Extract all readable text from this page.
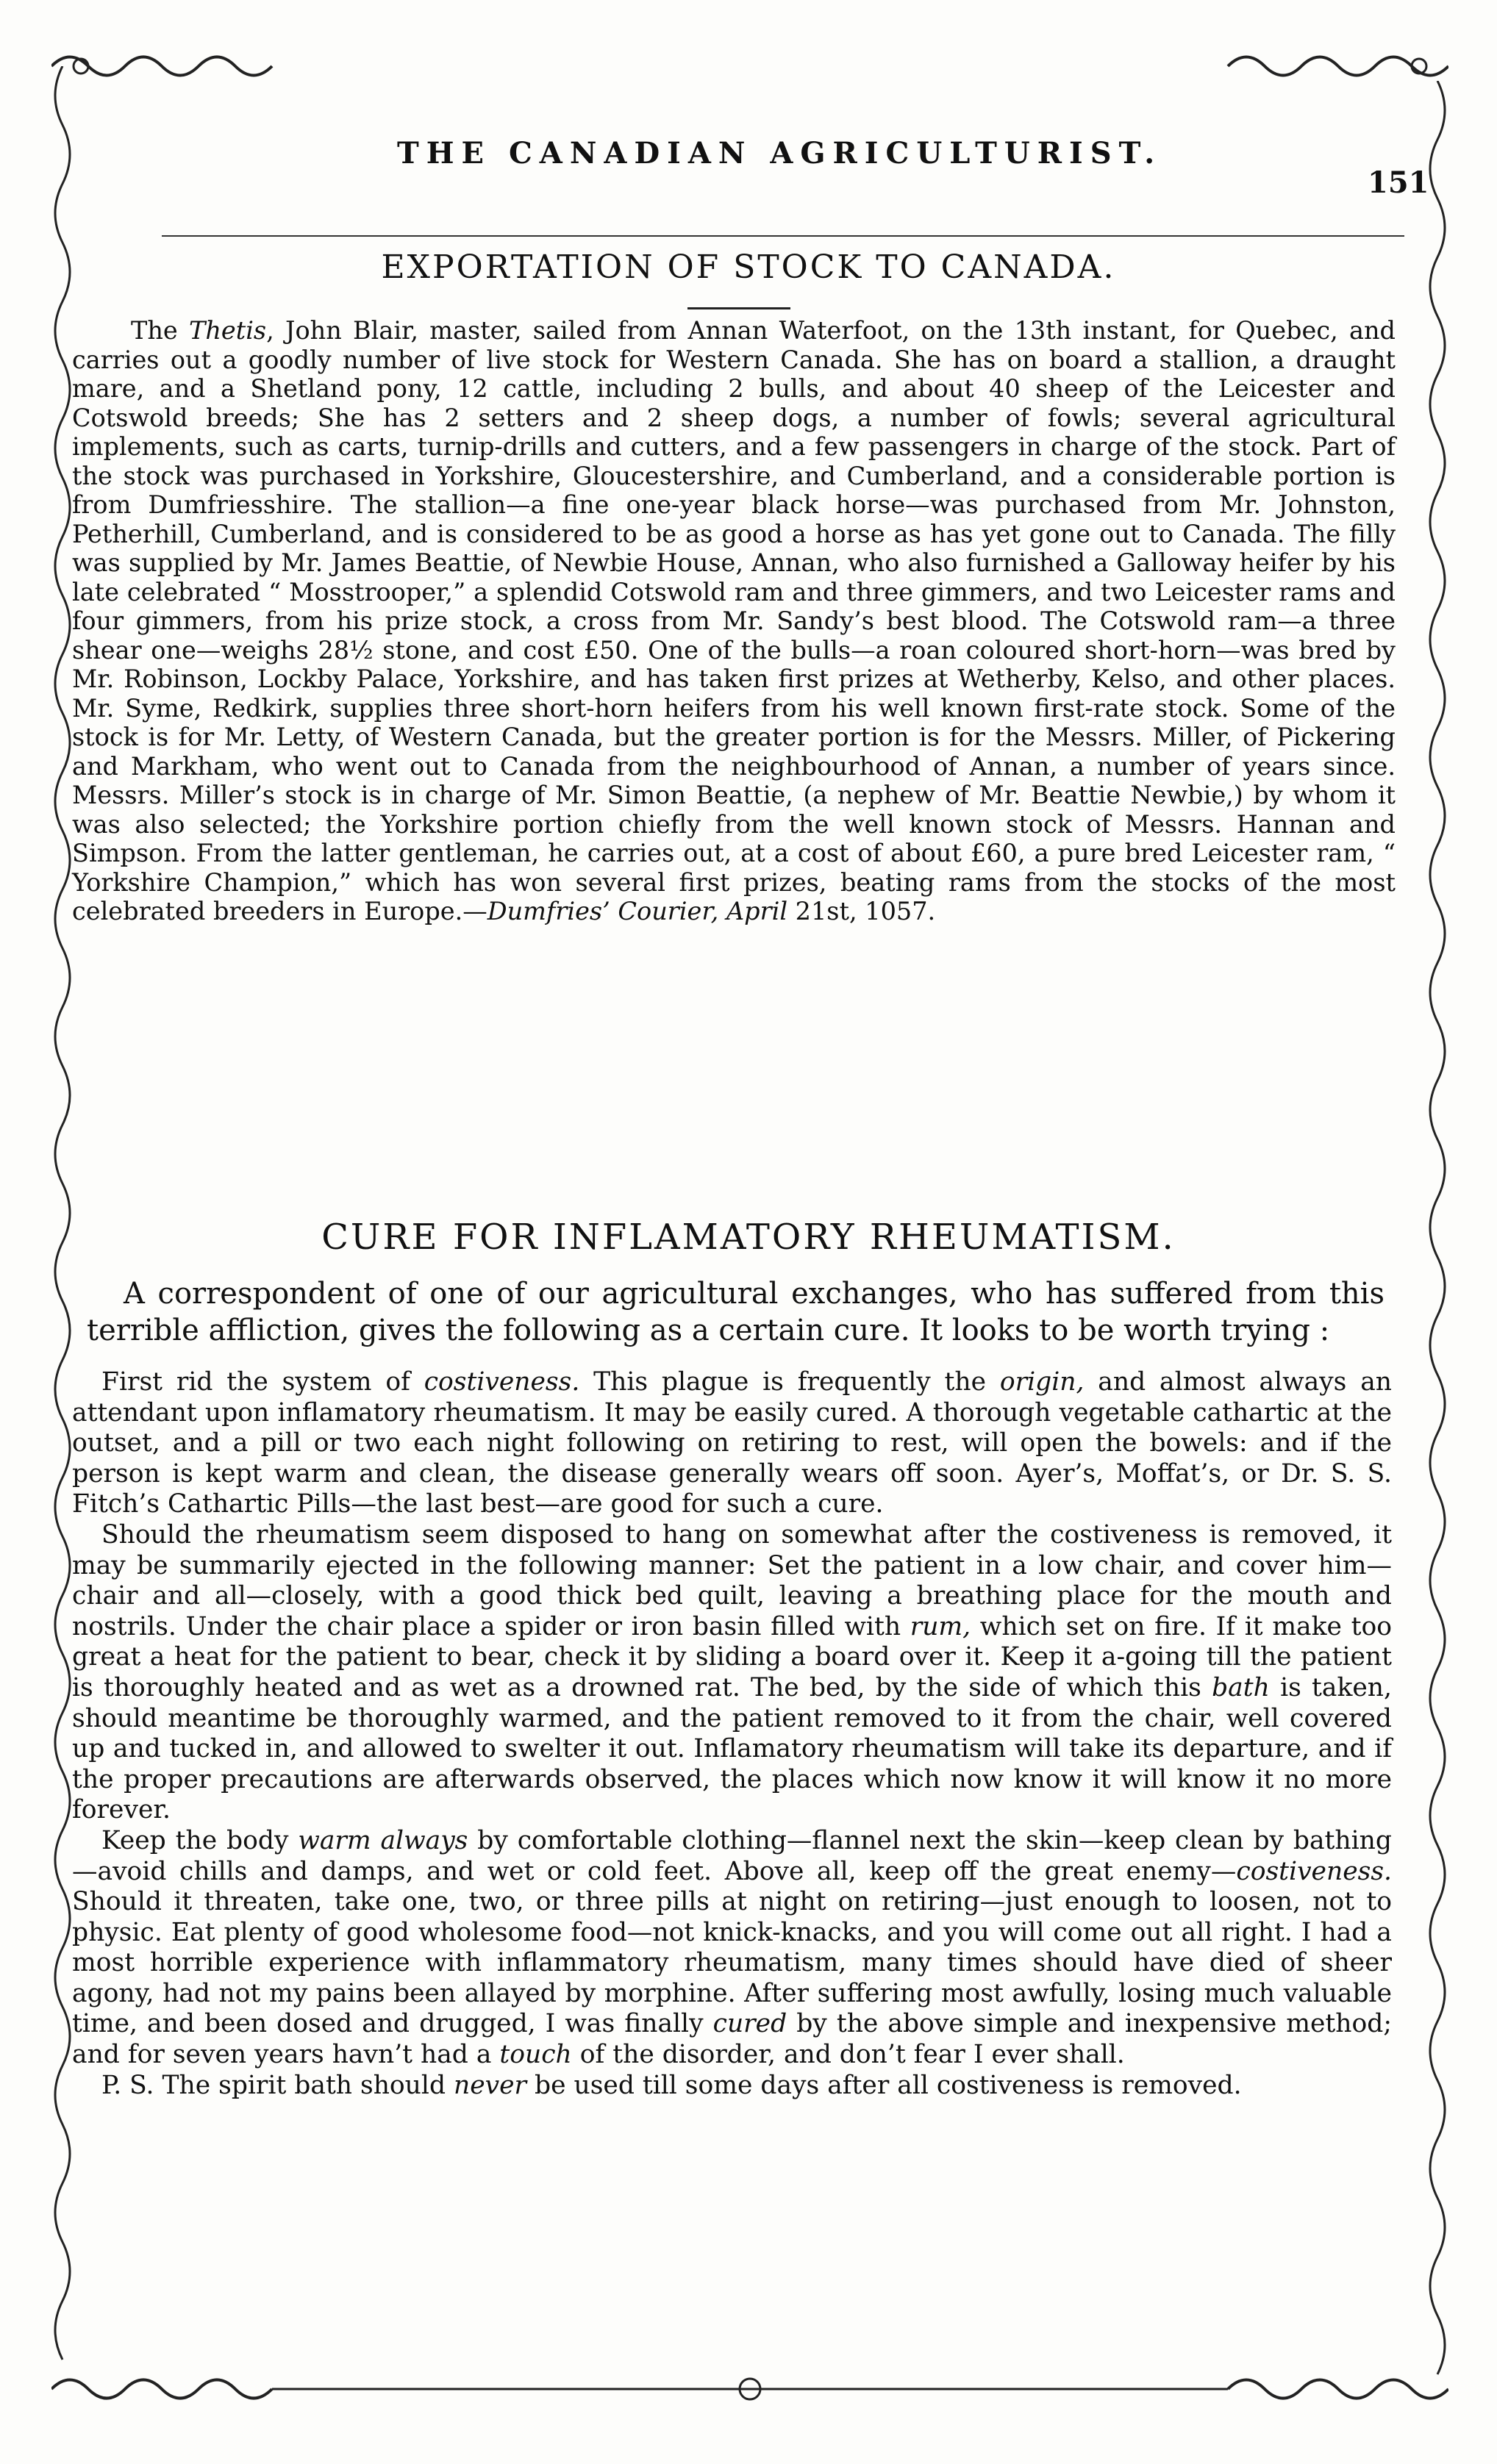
THE CANADIAN AGRICULTURIST.
151
EXPORTATION OF STOCK TO CANADA.

The Thetis, John Blair, master, sailed from Annan Waterfoot, on the 13th instant, for Quebec, and carries out a goodly number of live stock for Western Canada. She has on board a stallion, a draught mare, and a Shetland pony, 12 cattle, including 2 bulls, and about 40 sheep of the Leicester and Cotswold breeds; She has 2 setters and 2 sheep dogs, a number of fowls; several agricultural implements, such as carts, turnip-drills and cutters, and a few passengers in charge of the stock. Part of the stock was purchased in Yorkshire, Gloucestershire, and Cumberland, and a considerable portion is from Dumfriesshire. The stallion—a fine one-year black horse—was purchased from Mr. Johnston, Petherhill, Cumberland, and is considered to be as good a horse as has yet gone out to Canada. The filly was supplied by Mr. James Beattie, of Newbie House, Annan, who also furnished a Galloway heifer by his late celebrated “ Mosstrooper,” a splendid Cotswold ram and three gimmers, and two Leicester rams and four gimmers, from his prize stock, a cross from Mr. Sandy’s best blood. The Cotswold ram—a three shear one—weighs 28½ stone, and cost £50. One of the bulls—a roan coloured short-horn—was bred by Mr. Robinson, Lockby Palace, Yorkshire, and has taken first prizes at Wetherby, Kelso, and other places. Mr. Syme, Redkirk, supplies three short-horn heifers from his well known first-rate stock. Some of the stock is for Mr. Letty, of Western Canada, but the greater portion is for the Messrs. Miller, of Pickering and Markham, who went out to Canada from the neighbourhood of Annan, a number of years since. Messrs. Miller’s stock is in charge of Mr. Simon Beattie, (a nephew of Mr. Beattie Newbie,) by whom it was also selected; the Yorkshire portion chiefly from the well known stock of Messrs. Hannan and Simpson. From the latter gentleman, he carries out, at a cost of about £60, a pure bred Leicester ram, “ Yorkshire Champion,” which has won several first prizes, beating rams from the stocks of the most celebrated breeders in Europe.—Dumfries’ Courier, April 21st, 1057.

CURE FOR INFLAMATORY RHEUMATISM.

A correspondent of one of our agricultural exchanges, who has suffered from this terrible affliction, gives the following as a certain cure. It looks to be worth trying :

First rid the system of costiveness. This plague is frequently the origin, and almost always an attendant upon inflamatory rheumatism. It may be easily cured. A thorough vegetable cathartic at the outset, and a pill or two each night following on retiring to rest, will open the bowels: and if the person is kept warm and clean, the disease generally wears off soon. Ayer’s, Moffat’s, or Dr. S. S. Fitch’s Cathartic Pills—the last best—are good for such a cure.

Should the rheumatism seem disposed to hang on somewhat after the costiveness is removed, it may be summarily ejected in the following manner: Set the patient in a low chair, and cover him—chair and all—closely, with a good thick bed quilt, leaving a breathing place for the mouth and nostrils. Under the chair place a spider or iron basin filled with rum, which set on fire. If it make too great a heat for the patient to bear, check it by sliding a board over it. Keep it a-going till the patient is thoroughly heated and as wet as a drowned rat. The bed, by the side of which this bath is taken, should meantime be thoroughly warmed, and the patient removed to it from the chair, well covered up and tucked in, and allowed to swelter it out. Inflamatory rheumatism will take its departure, and if the proper precautions are afterwards observed, the places which now know it will know it no more forever.

Keep the body warm always by comfortable clothing—flannel next the skin—keep clean by bathing—avoid chills and damps, and wet or cold feet. Above all, keep off the great enemy—costiveness. Should it threaten, take one, two, or three pills at night on retiring—just enough to loosen, not to physic. Eat plenty of good wholesome food—not knick-knacks, and you will come out all right. I had a most horrible experience with inflammatory rheumatism, many times should have died of sheer agony, had not my pains been allayed by morphine. After suffering most awfully, losing much valuable time, and been dosed and drugged, I was finally cured by the above simple and inexpensive method; and for seven years havn’t had a touch of the disorder, and don’t fear I ever shall.

P. S. The spirit bath should never be used till some days after all costiveness is removed.
